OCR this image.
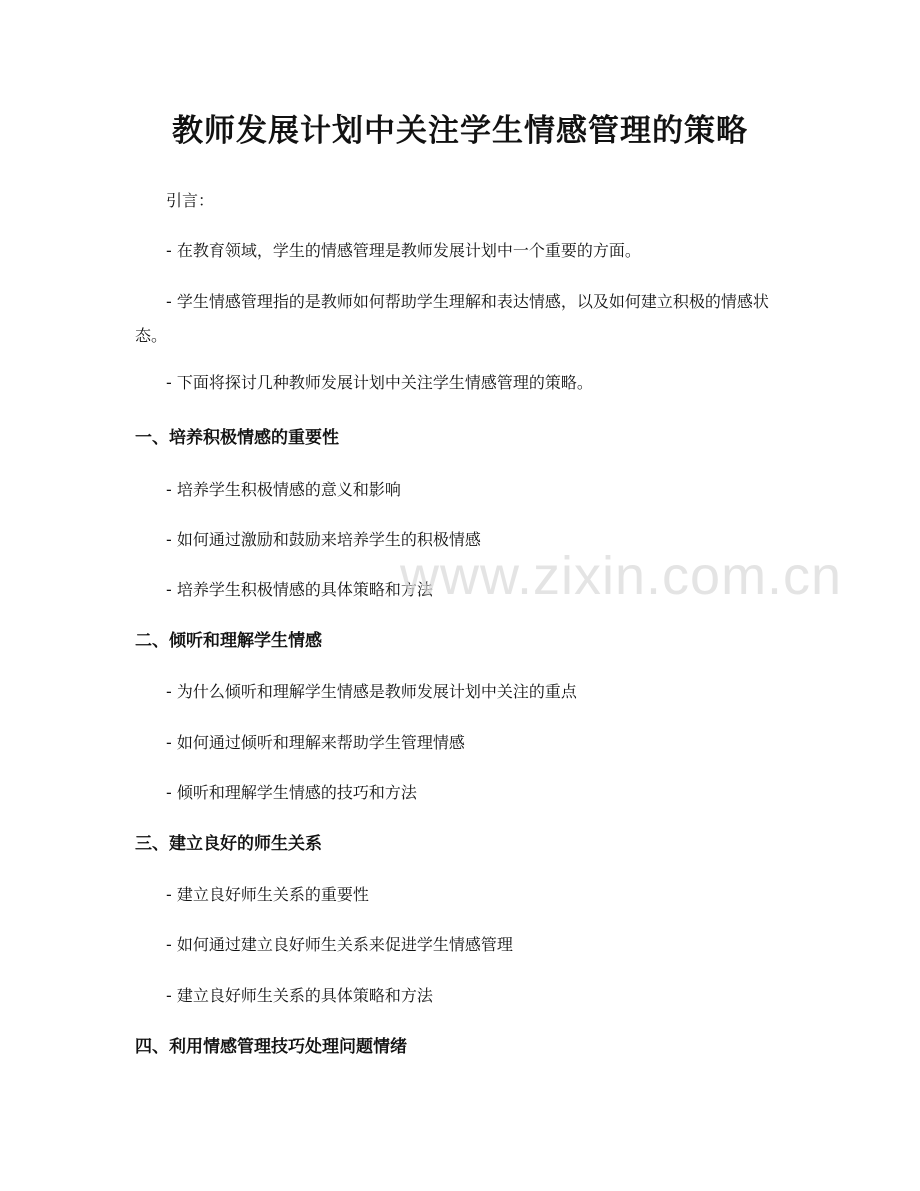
教师发展计划中关注学生情感管理的策略
引言：
- 在教育领域，学生的情感管理是教师发展计划中一个重要的方面。
- 学生情感管理指的是教师如何帮助学生理解和表达情感，以及如何建立积极的情感状态。
- 下面将探讨几种教师发展计划中关注学生情感管理的策略。
一、培养积极情感的重要性
- 培养学生积极情感的意义和影响
- 如何通过激励和鼓励来培养学生的积极情感
- 培养学生积极情感的具体策略和方法
二、倾听和理解学生情感
- 为什么倾听和理解学生情感是教师发展计划中关注的重点
- 如何通过倾听和理解来帮助学生管理情感
- 倾听和理解学生情感的技巧和方法
三、建立良好的师生关系
- 建立良好师生关系的重要性
- 如何通过建立良好师生关系来促进学生情感管理
- 建立良好师生关系的具体策略和方法
四、利用情感管理技巧处理问题情绪
www.zixin.com.cn
